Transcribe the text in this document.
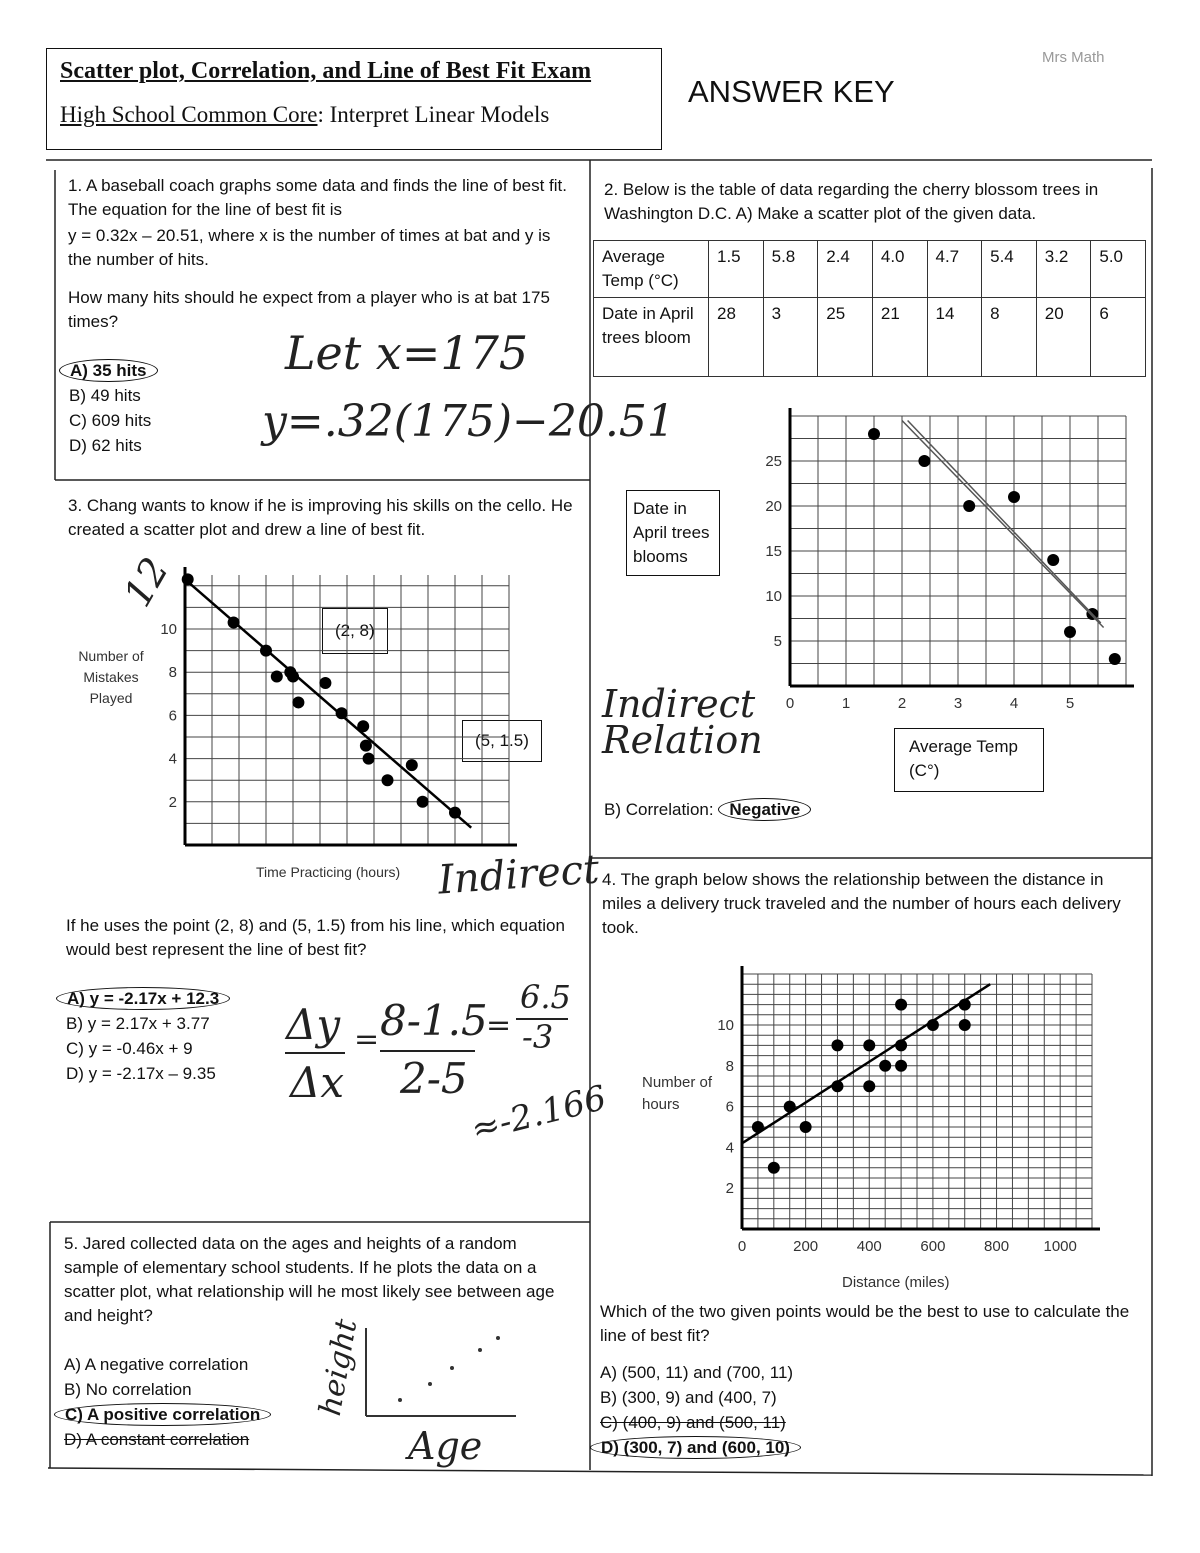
Scatter plot, Correlation, and Line of Best Fit Exam
High School Common Core: Interpret Linear Models
ANSWER KEY
Mrs Math
1. A baseball coach graphs some data and finds the line of best fit. The equation for the line of best fit is
y = 0.32x – 20.51, where x is the number of times at bat and y is the number of hits.
How many hits should he expect from a player who is at bat 175 times?
A) 35 hits
B) 49 hits
C) 609 hits
D) 62 hits
Let x=175
y=.32(175)−20.51
2. Below is the table of data regarding the cherry blossom trees in Washington D.C. A) Make a scatter plot of the given data.
Average Temp (°C)	1.5	5.8	2.4	4.0	4.7	5.4	3.2	5.0
Date in April trees bloom	28	3	25	21	14	8	20	6
Date in April trees blooms
Average Temp (C°)
Indirect Relation
B) Correlation: Negative
3. Chang wants to know if he is improving his skills on the cello. He created a scatter plot and drew a line of best fit.
Number of Mistakes Played
Time Practicing (hours)
(2, 8)
(5, 1.5)
12
Indirect
If he uses the point (2, 8) and (5, 1.5) from his line, which equation would best represent the line of best fit?
A) y = -2.17x + 12.3
B) y = 2.17x + 3.77
C) y = -0.46x + 9
D) y = -2.17x – 9.35
Δy
Δx
= 8-1.5
2-5
=
6.5
-3
≈-2.166
4. The graph below shows the relationship between the distance in miles a delivery truck traveled and the number of hours each delivery took.
Number of hours
Distance (miles)
Which of the two given points would be the best to use to calculate the line of best fit?
A) (500, 11) and (700, 11)
B) (300, 9) and (400, 7)
C) (400, 9) and (500, 11)
D) (300, 7) and (600, 10)
5. Jared collected data on the ages and heights of a random sample of elementary school students. If he plots the data on a scatter plot, what relationship will he most likely see between age and height?
A) A negative correlation
B) No correlation
C) A positive correlation
D) A constant correlation
height
Age
2
4
6
8
10
0	1	2	3	4	5
5
10
15
20
25
0	200	400	600	800 1000
2
4
6
8
10
